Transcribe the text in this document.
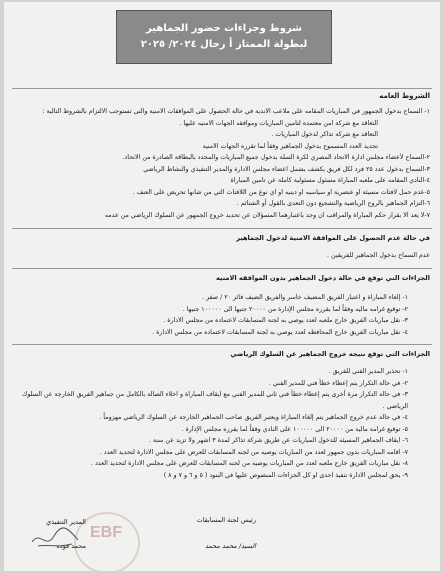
شروط وجزاءات حضور الجماهير
لبطولة الممتاز أ رجال ٢٠٢٤/ ٢٠٢٥
الشروط العامه
١- السماح بدخول الجمهور في المباريات المقامه على ملاعب الاندية في حالة الحصول على الموافقات الامنية والتى تستوجب الالتزام بالشروط التالية :
التعاقد مع شركة امن معتمده لتامين المباريات وموافقه الجهات الامنيه عليها .
التعاقد مع شركة تذاكر لدخول المباريات .
تحديد العدد المسموح بدخول الجماهير وفقاً لما تقرره الجهات الامنية
٢-السماح لأعضاء مجلس ادارة الاتحاد المصري لكرة السلة بدخول جميع المباريات والمحدد بالبطاقة الصادرة من الاتحاد.
٣-السماح بدخول عدد ٢٥ فرد لكل فريق بكشف يشمل اعضاء مجلس الادارة والمدير التنفيذي والنشاط الرياضي
٤-النادي المقامه على ملعبه المباراة مسئول مسئولية كاملة عن تامين المباراة
٥-عدم حمل لافتات مسيئة او عنصرية او سياسيه او دينيه او اي نوع من اللافتات التي من شانها تحريض على العنف .
٦-التزام الجماهير بالروح الرياضية والتشجيع دون التعدى بالقول أو الشتائم .
٧-لا يعد الا بقرار حكم المباراة والمراقب ان وجد باعتبارهما المسؤلان عن تحديد خروج الجمهور عن السلوك الرياضي من عدمه
في حالة عدم الحصول على الموافقة الامنية لدخول الجماهير
عدم السماح بدخول الجماهير للفريقين .
الجزاءات التي توقع في حالة دخول الجماهير بدون الموافقه الامنيه
١- إلغاء المباراة و اعتبار الفريق المضيف خاسر والفريق الضيف فائز ٢٠ / صفر .
٢- توقيع غرامه ماليه وفقاً لما يقرره مجلس الإدارة من ٢٠٠٠٠ جنيها الى ١٠٠٠٠٠ جنيها .
٣- نقل مباريات الفريق خارج ملعبه لعدد يوصي به لجنة المسابقات لاعتماده من مجلس الادارة .
٤- نقل مباريات الفريق خارج المحافظه لعدد يوصي به لجنة المسابقات لاعتماده من مجلس الادارة .
الجزاءات التي توقع نتيجه خروج الجماهير عن السلوك الرياضي
١- تحذير المدير الفني للفريق .
٢- في حالة التكرار يتم إعطاء خطأ فني للمدير الفني .
٣- في حالة التكرار مرة أخرى يتم إعطاء خطأ فني ثاني للمدير الفني مع ايقاف المباراة و اخلاء الصالة بالكامل من جماهير الفريق الخارجة عن السلوك الرياضي .
٤- في حالة عدم خروج الجماهير يتم إلغاء المباراة ويعتبر الفريق صاحب الجماهير الخارجة عن السلوك الرياضي مهزوماً .
٥- توقيع غرامة مالية من ٢٠٠٠٠ الى ١٠٠٠٠٠ على النادي وفقاً لما يقرره مجلس الإدارة .
٦- ايقاف الجماهير المسيئه للدخول المباريات عن طريق شركة تذاكر لمدة ٣ اشهر ولا تزيد عن سنة .
٧- اقامه المباريات بدون جمهور لعدد من المباريات يوصيه من لجنه المسابقات للعرض على مجلس الادارة لتحديد العدد .
٨- نقل مباريات الفريق خارج ملعبه لعدد من المباريات يوصيه من لجنه المسابقات للعرض على مجلس الادارة لتحديد العدد .
٩- يحق لمجلس الادارة تنفيذ احدى او كل الجزاءات المنصوص عليها في البنود ( ٥ و ٦ و ٧ و ٨ )
رئيس لجنة المسابقات
السيد/ محمد محمد
EBF
المدير التنفيذي
محمد فوده
